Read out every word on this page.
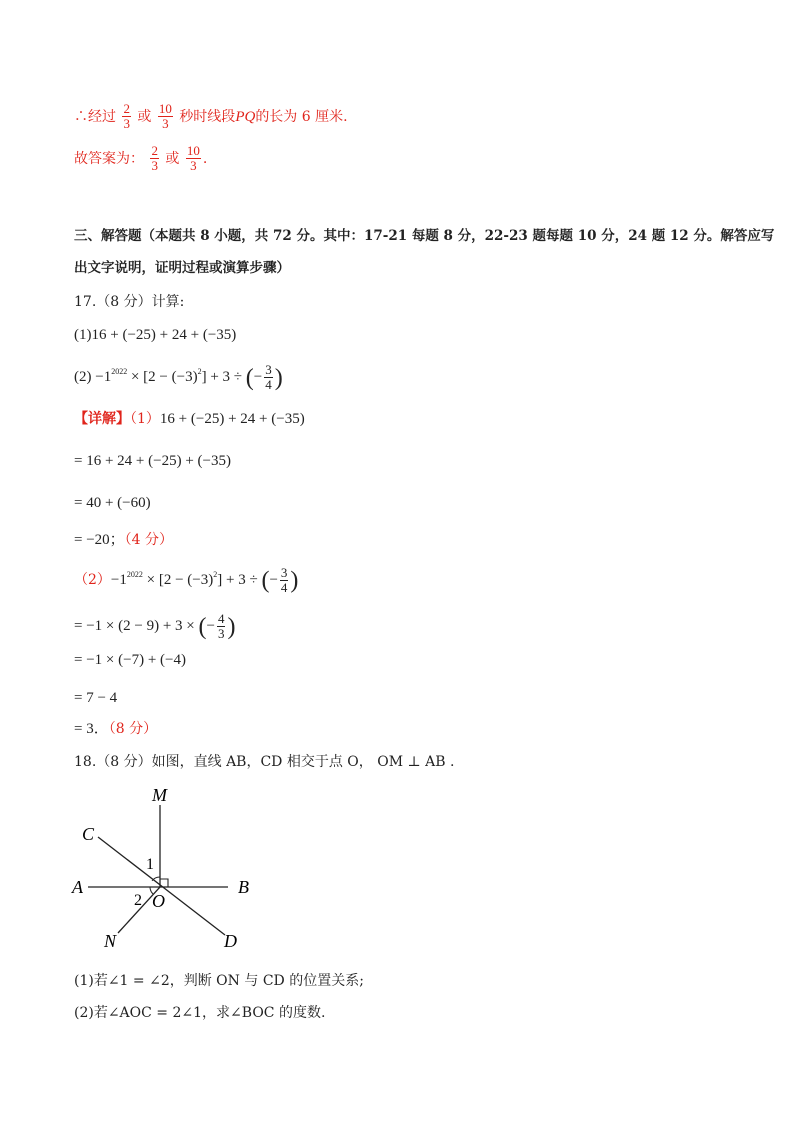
∴经过 $\frac{2}{3}$ 或 $\frac{10}{3}$ 秒时线段PQ的长为 6 厘米.
故答案为： $\frac{2}{3}$ 或 $\frac{10}{3}$ .
三、解答题（本题共 8 小题，共 72 分。其中：17-21 每题 8 分，22-23 题每题 10 分，24 题 12 分。解答应写
出文字说明，证明过程或演算步骤）
17.（8 分）计算:
(1)16 + (−25) + 24 + (−35)
$(2) -1^{2022} \times [2 - (-3)^2] + 3$ ÷ (− $\frac{3}{4}$ )
【详解】（1）16 + (−25) + 24 + (−35)
= 16 + 24 + (−25) + (−35)
= 40 + (−60)
= −20；（4 分）
$(2)-1^{2022} \times [2 - (-3)^2] + 3$ ÷ (− $\frac{3}{4}$ )
= −1 × (2 − 9) + 3 × (− $\frac{4}{3}$ )
= −1 × (−7) + (−4)
= 7 − 4
= 3．（8 分）
18.（8 分）如图，直线 AB，CD 相交于点 O， OM ⊥ AB .
M
C
1
A	B
2 O
N	D
(1)若∠1 = ∠2，判断 ON 与 CD 的位置关系;
(2)若∠AOC = 2∠1，求∠BOC 的度数.
